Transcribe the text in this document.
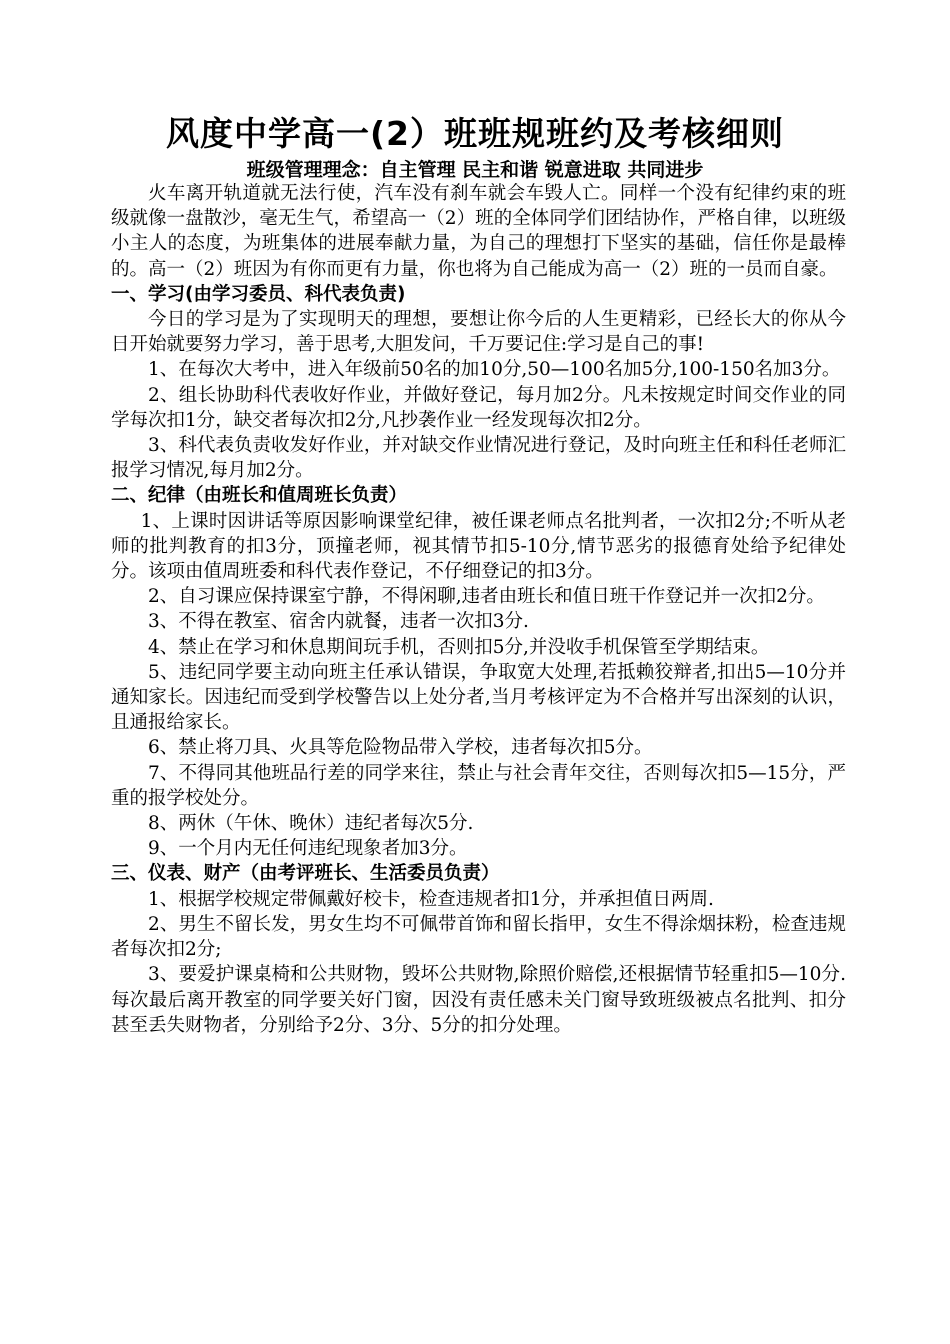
风度中学高一(2）班班规班约及考核细则

班级管理理念：自主管理 民主和谐 锐意进取 共同进步

火车离开轨道就无法行使，汽车没有刹车就会车毁人亡。同样一个没有纪律约束的班级就像一盘散沙，毫无生气，希望高一（2）班的全体同学们团结协作，严格自律，以班级小主人的态度，为班集体的进展奉献力量，为自己的理想打下坚实的基础，信任你是最棒的。高一（2）班因为有你而更有力量，你也将为自己能成为高一（2）班的一员而自豪。

一、学习(由学习委员、科代表负责)

今日的学习是为了实现明天的理想，要想让你今后的人生更精彩，已经长大的你从今日开始就要努力学习，善于思考,大胆发问，千万要记住:学习是自己的事!

1、在每次大考中，进入年级前50名的加10分,50—100名加5分,100-150名加3分。

2、组长协助科代表收好作业，并做好登记，每月加2分。凡未按规定时间交作业的同学每次扣1分，缺交者每次扣2分,凡抄袭作业一经发现每次扣2分。

3、科代表负责收发好作业，并对缺交作业情况进行登记，及时向班主任和科任老师汇报学习情况,每月加2分。

二、纪律（由班长和值周班长负责）

1、上课时因讲话等原因影响课堂纪律，被任课老师点名批判者，一次扣2分;不听从老师的批判教育的扣3分，顶撞老师，视其情节扣5-10分,情节恶劣的报德育处给予纪律处分。该项由值周班委和科代表作登记，不仔细登记的扣3分。

2、自习课应保持课室宁静，不得闲聊,违者由班长和值日班干作登记并一次扣2分。

3、不得在教室、宿舍内就餐，违者一次扣3分.

4、禁止在学习和休息期间玩手机，否则扣5分,并没收手机保管至学期结束。

5、违纪同学要主动向班主任承认错误，争取宽大处理,若抵赖狡辩者,扣出5—10分并通知家长。因违纪而受到学校警告以上处分者,当月考核评定为不合格并写出深刻的认识，且通报给家长。

6、禁止将刀具、火具等危险物品带入学校，违者每次扣5分。

7、不得同其他班品行差的同学来往，禁止与社会青年交往，否则每次扣5—15分，严重的报学校处分。

8、两休（午休、晚休）违纪者每次5分.

9、一个月内无任何违纪现象者加3分。

三、仪表、财产（由考评班长、生活委员负责）

1、根据学校规定带佩戴好校卡，检查违规者扣1分，并承担值日两周.

2、男生不留长发，男女生均不可佩带首饰和留长指甲，女生不得涂烟抹粉，检查违规者每次扣2分;

3、要爱护课桌椅和公共财物，毁坏公共财物,除照价赔偿,还根据情节轻重扣5—10分.每次最后离开教室的同学要关好门窗，因没有责任感未关门窗导致班级被点名批判、扣分甚至丢失财物者，分别给予2分、3分、5分的扣分处理。
